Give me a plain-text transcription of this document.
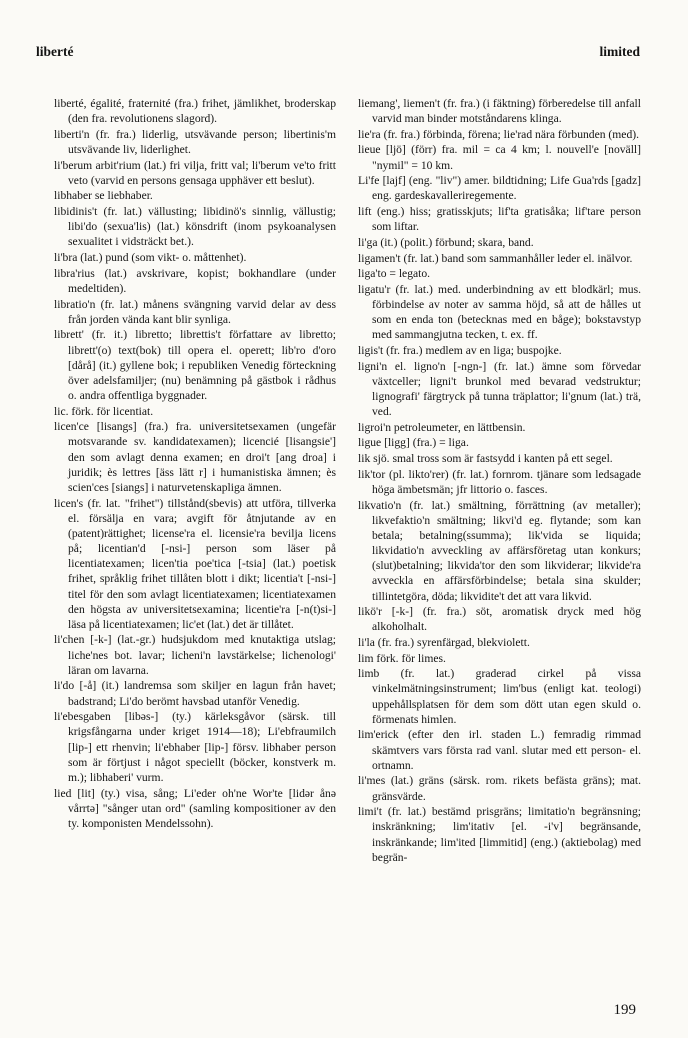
liberté	limited

liberté, égalité, fraternité (fra.) frihet, jämlikhet, broderskap (den fra. revolutionens slagord).

liberti'n (fr. fra.) liderlig, utsvävande person; libertinis'm utsvävande liv, liderlighet.

li'berum arbit'rium (lat.) fri vilja, fritt val; li'berum ve'to fritt veto (varvid en persons gensaga upphäver ett beslut).

libhaber se liebhaber.

libidinis't (fr. lat.) vällusting; libidinö's sinnlig, vällustig; libi'do (sexua'lis) (lat.) könsdrift (inom psykoanalysen sexualitet i vidsträckt bet.).

li'bra (lat.) pund (som vikt- o. måttenhet).

libra'rius (lat.) avskrivare, kopist; bokhandlare (under medeltiden).

libratio'n (fr. lat.) månens svängning varvid delar av dess från jorden vända kant blir synliga.

librett' (fr. it.) libretto; librettis't författare av libretto; librett'(o) text(bok) till opera el. operett; lib'ro d'oro [dårå] (it.) gyllene bok; i republiken Venedig förteckning över adelsfamiljer; (nu) benämning på gästbok i rådhus o. andra offentliga byggnader.

lic. förk. för licentiat.

licen'ce [lisangs] (fra.) fra. universitetsexamen (ungefär motsvarande sv. kandidatexamen); licencié [lisangsie'] den som avlagt denna examen; en droi't [ang droa] i juridik; ès lettres [äss lätt r] i humanistiska ämnen; ès scien'ces [siangs] i naturvetenskapliga ämnen.

licen's (fr. lat. "frihet") tillstånd(sbevis) att utföra, tillverka el. försälja en vara; avgift för åtnjutande av en (patent)rättighet; license'ra el. licensie'ra bevilja licens på; licentian'd [-nsi-] person som läser på licentiatexamen; licen'tia poe'tica [-tsia] (lat.) poetisk frihet, språklig frihet tillåten blott i dikt; licentia't [-nsi-] titel för den som avlagt licentiatexamen; licentiatexamen den högsta av universitetsexamina; licentie'ra [-n(t)si-] läsa på licentiatexamen; lic'et (lat.) det är tillåtet.

li'chen [-k-] (lat.-gr.) hudsjukdom med knutaktiga utslag; liche'nes bot. lavar; licheni'n lavstärkelse; lichenologi' läran om lavarna.

li'do [-å] (it.) landremsa som skiljer en lagun från havet; badstrand; Li'do berömt havsbad utanför Venedig.

li'ebesgaben [libəs-] (ty.) kärleksgåvor (särsk. till krigsfångarna under kriget 1914—18); Li'ebfraumilch [lip-] ett rhenvin; li'ebhaber [lip-] försv. libhaber person som är förtjust i något speciellt (böcker, konstverk m. m.); libhaberi' vurm.

lied [lit] (ty.) visa, sång; Li'eder oh'ne Wor'te [lidər ånə vårrtə] "sånger utan ord" (samling kompositioner av den ty. komponisten Mendelssohn).

liemang', liemen't (fr. fra.) (i fäktning) förberedelse till anfall varvid man binder motståndarens klinga.

lie'ra (fr. fra.) förbinda, förena; lie'rad nära förbunden (med).

lieue [ljö] (förr) fra. mil = ca 4 km; l. nouvell'e [noväll] "nymil" = 10 km.

Li'fe [lajf] (eng. "liv") amer. bildtidning; Life Gua'rds [gadz] eng. gardeskavalleriregemente.

lift (eng.) hiss; gratisskjuts; lif'ta gratisåka; lif'tare person som liftar.

li'ga (it.) (polit.) förbund; skara, band.

ligamen't (fr. lat.) band som sammanhåller leder el. inälvor.

liga'to = legato.

ligatu'r (fr. lat.) med. underbindning av ett blodkärl; mus. förbindelse av noter av samma höjd, så att de hålles ut som en enda ton (betecknas med en båge); bokstavstyp med sammangjutna tecken, t. ex. ff.

ligis't (fr. fra.) medlem av en liga; buspojke.

ligni'n el. ligno'n [-ngn-] (fr. lat.) ämne som förvedar växtceller; ligni't brunkol med bevarad vedstruktur; lignografi' färgtryck på tunna träplattor; li'gnum (lat.) trä, ved.

ligroi'n petroleumeter, en lättbensin.

ligue [ligg] (fra.) = liga.

lik sjö. smal tross som är fastsydd i kanten på ett segel.

lik'tor (pl. likto'rer) (fr. lat.) fornrom. tjänare som ledsagade höga ämbetsmän; jfr littorio o. fasces.

likvatio'n (fr. lat.) smältning, förrättning (av metaller); likvefaktio'n smältning; likvi'd eg. flytande; som kan betala; betalning(ssumma); lik'vida se liquida; likvidatio'n avveckling av affärsföretag utan konkurs; (slut)betalning; likvida'tor den som likviderar; likvide'ra avveckla en affärsförbindelse; betala sina skulder; tillintetgöra, döda; likvidite't det att vara likvid.

likö'r [-k-] (fr. fra.) söt, aromatisk dryck med hög alkoholhalt.

li'la (fr. fra.) syrenfärgad, blekviolett.

lim förk. för limes.

limb (fr. lat.) graderad cirkel på vissa vinkelmätningsinstrument; lim'bus (enligt kat. teologi) uppehållsplatsen för dem som dött utan egen skuld o. förmenats himlen.

lim'erick (efter den irl. staden L.) femradig rimmad skämtvers vars första rad vanl. slutar med ett person- el. ortnamn.

li'mes (lat.) gräns (särsk. rom. rikets befästa gräns); mat. gränsvärde.

limi't (fr. lat.) bestämd prisgräns; limitatio'n begränsning; inskränkning; lim'itativ [el. -i'v] begränsande, inskränkande; lim'ited [limmitid] (eng.) (aktiebolag) med begrän-

199
